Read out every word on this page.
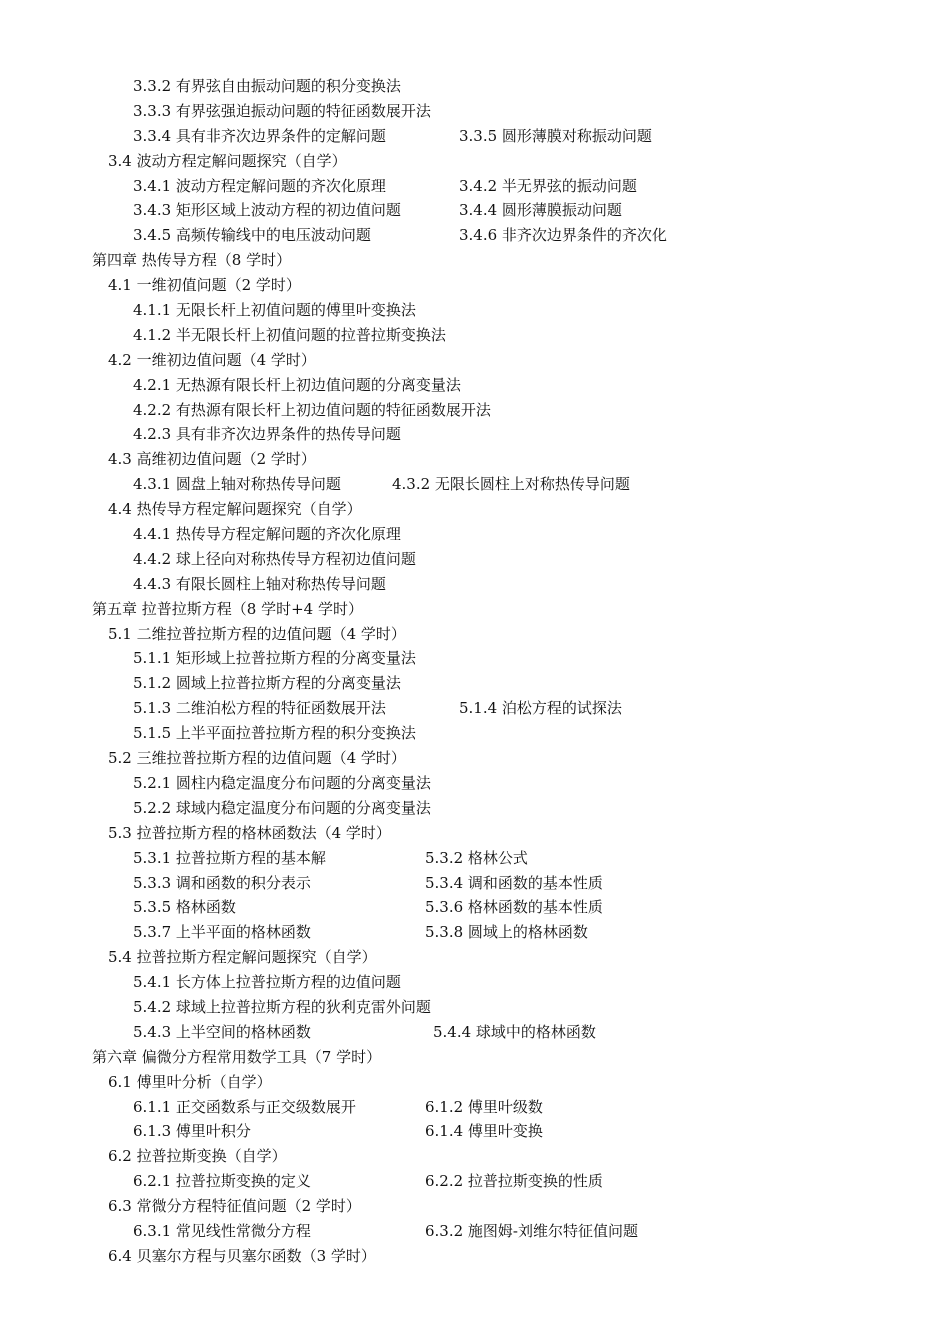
3.3.2 有界弦自由振动问题的积分变换法
3.3.3 有界弦强迫振动问题的特征函数展开法
3.3.4 具有非齐次边界条件的定解问题	3.3.5 圆形薄膜对称振动问题
3.4 波动方程定解问题探究（自学）
3.4.1 波动方程定解问题的齐次化原理	3.4.2 半无界弦的振动问题
3.4.3 矩形区域上波动方程的初边值问题	3.4.4 圆形薄膜振动问题
3.4.5 高频传输线中的电压波动问题	3.4.6 非齐次边界条件的齐次化
第四章 热传导方程（8 学时）
4.1 一维初值问题（2 学时）
4.1.1 无限长杆上初值问题的傅里叶变换法
4.1.2 半无限长杆上初值问题的拉普拉斯变换法
4.2 一维初边值问题（4 学时）
4.2.1 无热源有限长杆上初边值问题的分离变量法
4.2.2 有热源有限长杆上初边值问题的特征函数展开法
4.2.3 具有非齐次边界条件的热传导问题
4.3 高维初边值问题（2 学时）
4.3.1 圆盘上轴对称热传导问题	4.3.2 无限长圆柱上对称热传导问题
4.4 热传导方程定解问题探究（自学）
4.4.1 热传导方程定解问题的齐次化原理
4.4.2 球上径向对称热传导方程初边值问题
4.4.3 有限长圆柱上轴对称热传导问题
第五章 拉普拉斯方程（8 学时+4 学时）
5.1 二维拉普拉斯方程的边值问题（4 学时）
5.1.1 矩形域上拉普拉斯方程的分离变量法
5.1.2 圆域上拉普拉斯方程的分离变量法
5.1.3 二维泊松方程的特征函数展开法	5.1.4 泊松方程的试探法
5.1.5 上半平面拉普拉斯方程的积分变换法
5.2 三维拉普拉斯方程的边值问题（4 学时）
5.2.1 圆柱内稳定温度分布问题的分离变量法
5.2.2 球域内稳定温度分布问题的分离变量法
5.3 拉普拉斯方程的格林函数法（4 学时）
5.3.1 拉普拉斯方程的基本解	5.3.2 格林公式
5.3.3 调和函数的积分表示	5.3.4 调和函数的基本性质
5.3.5 格林函数	5.3.6 格林函数的基本性质
5.3.7 上半平面的格林函数	5.3.8 圆域上的格林函数
5.4 拉普拉斯方程定解问题探究（自学）
5.4.1 长方体上拉普拉斯方程的边值问题
5.4.2 球域上拉普拉斯方程的狄利克雷外问题
5.4.3 上半空间的格林函数	5.4.4 球域中的格林函数
第六章 偏微分方程常用数学工具（7 学时）
6.1 傅里叶分析（自学）
6.1.1 正交函数系与正交级数展开	6.1.2 傅里叶级数
6.1.3 傅里叶积分	6.1.4 傅里叶变换
6.2 拉普拉斯变换（自学）
6.2.1 拉普拉斯变换的定义	6.2.2 拉普拉斯变换的性质
6.3 常微分方程特征值问题（2 学时）
6.3.1 常见线性常微分方程	6.3.2 施图姆-刘维尔特征值问题
6.4 贝塞尔方程与贝塞尔函数（3 学时）
